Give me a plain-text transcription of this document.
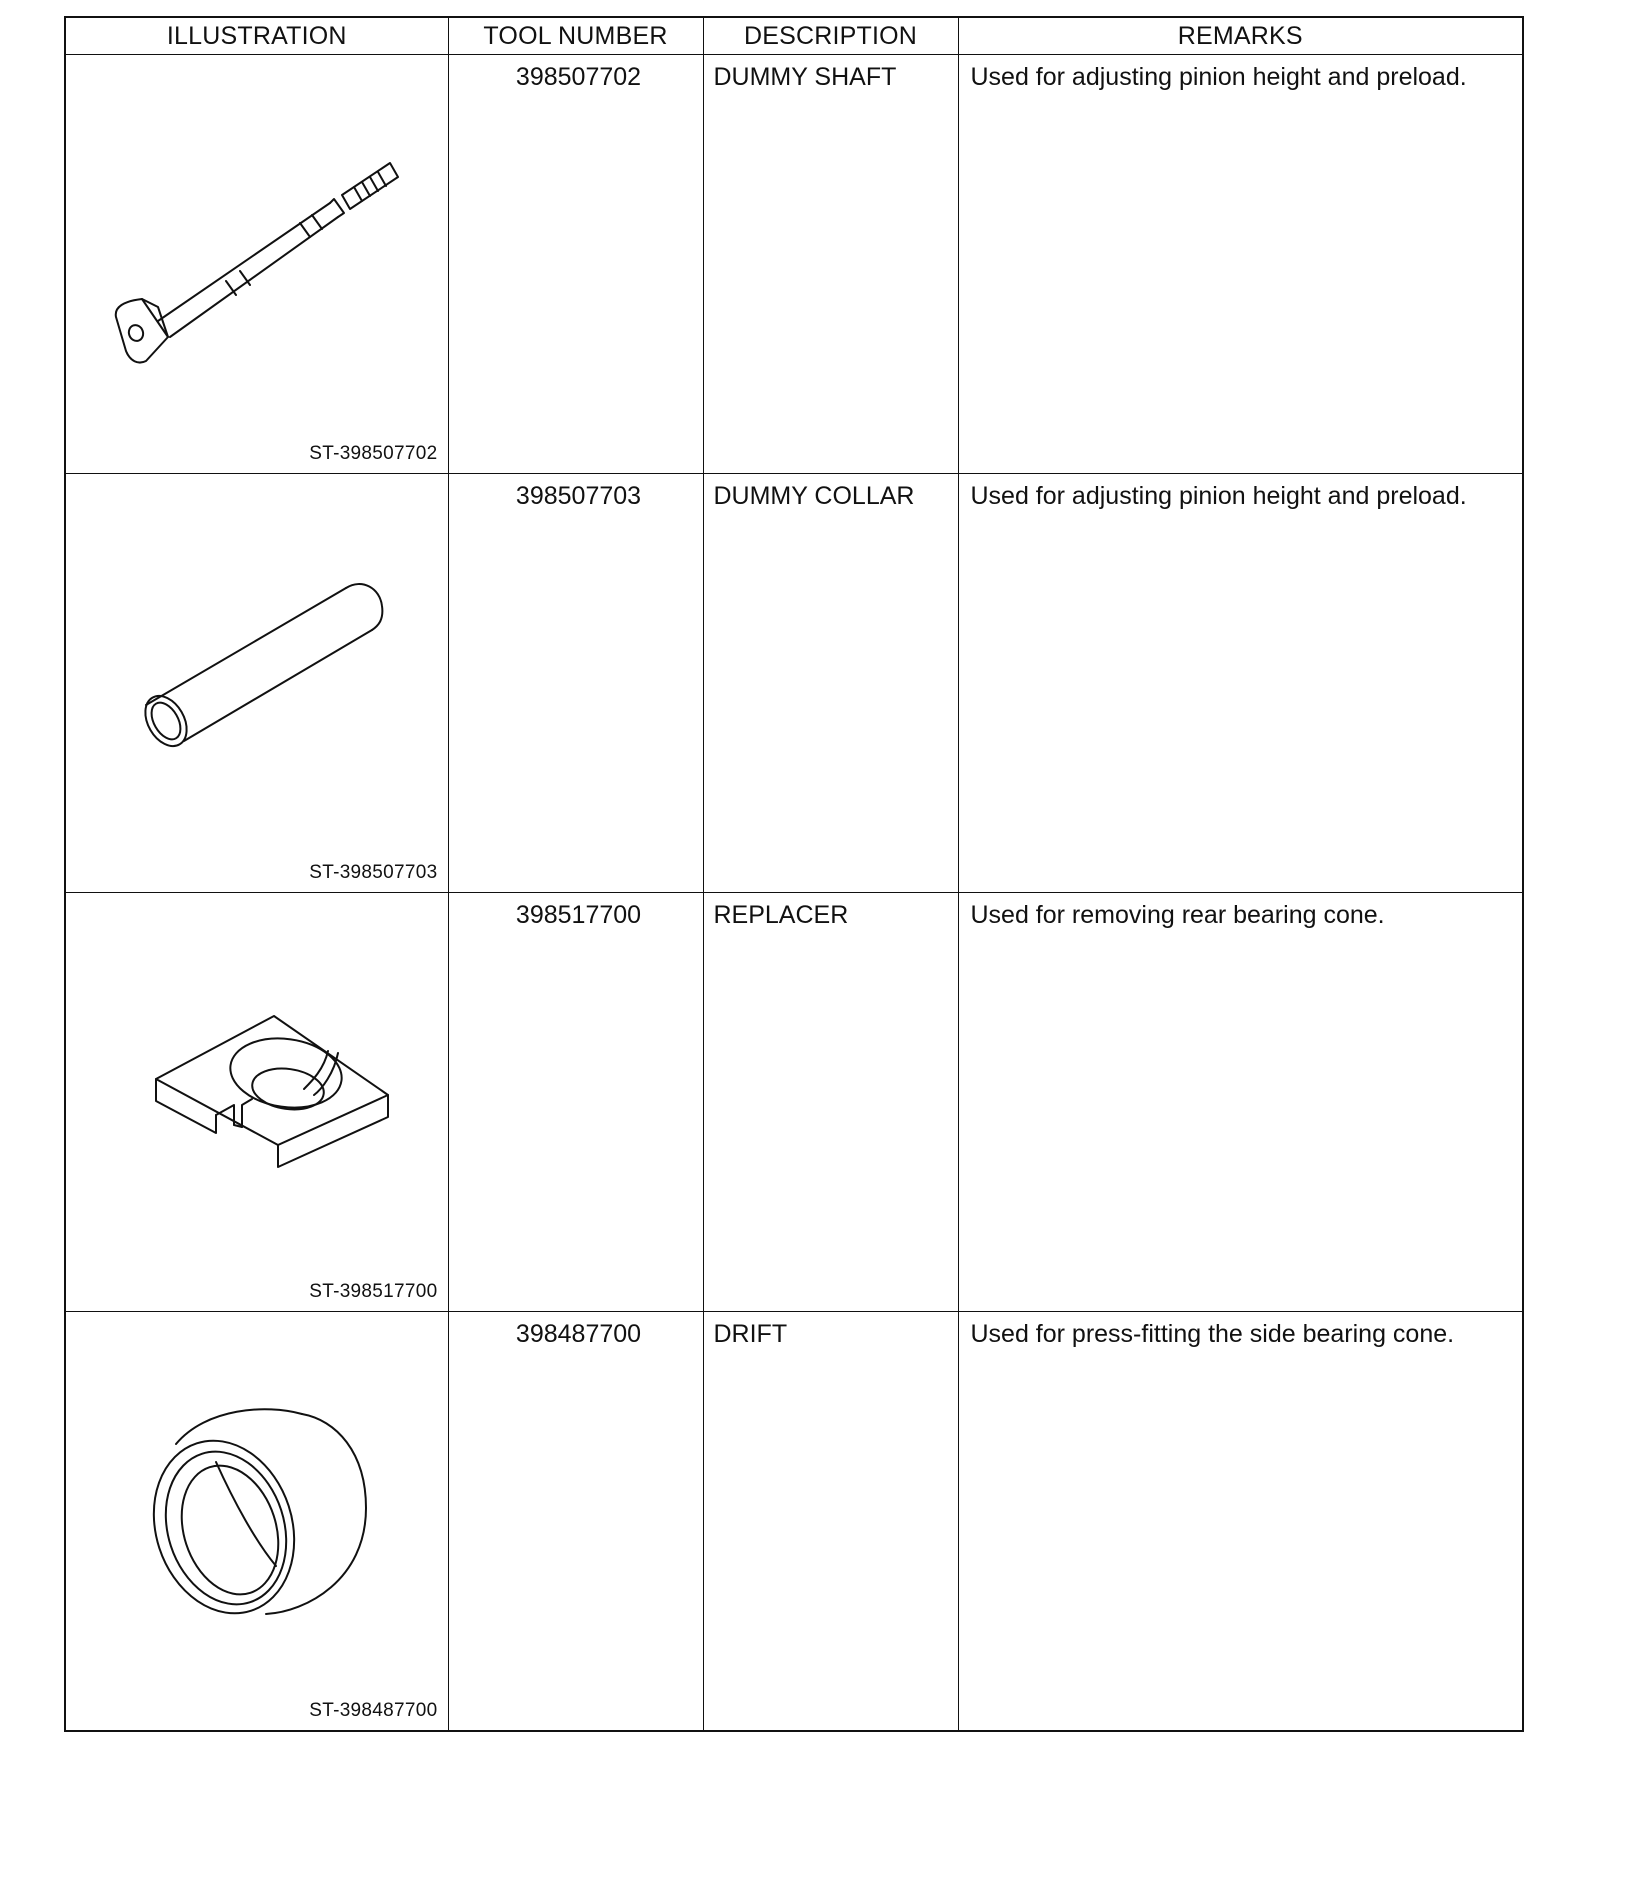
ILLUSTRATION	TOOL NUMBER	DESCRIPTION	REMARKS

ST-398507702	398507702	DUMMY SHAFT	Used for adjusting pinion height and preload.

ST-398507703	398507703	DUMMY COLLAR	Used for adjusting pinion height and preload.

ST-398517700	398517700	REPLACER	Used for removing rear bearing cone.

ST-398487700	398487700	DRIFT	Used for press-fitting the side bearing cone.
